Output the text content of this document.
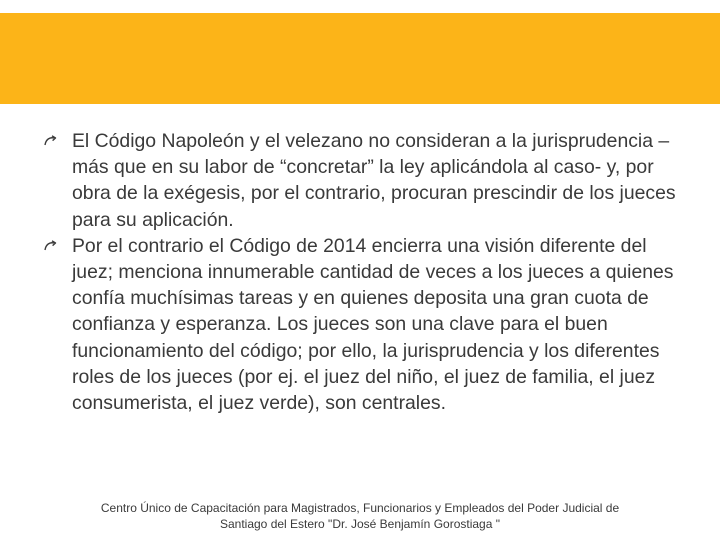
El Código Napoleón y el velezano no consideran a la jurisprudencia – más que en su labor de “concretar” la ley aplicándola al caso- y, por obra de la exégesis, por el contrario, procuran prescindir de los jueces para su aplicación.
Por el contrario el Código de 2014 encierra una visión diferente del juez; menciona innumerable cantidad de veces a los jueces a quienes confía muchísimas tareas y en quienes deposita una gran cuota de confianza y esperanza. Los jueces son una clave para el buen funcionamiento del código; por ello, la jurisprudencia y los diferentes roles de los jueces (por ej. el juez del niño, el juez de familia, el juez consumerista, el juez verde), son centrales.
Centro Único de Capacitación para Magistrados, Funcionarios y Empleados del Poder Judicial de
Santiago del Estero "Dr. José Benjamín Gorostiaga "
